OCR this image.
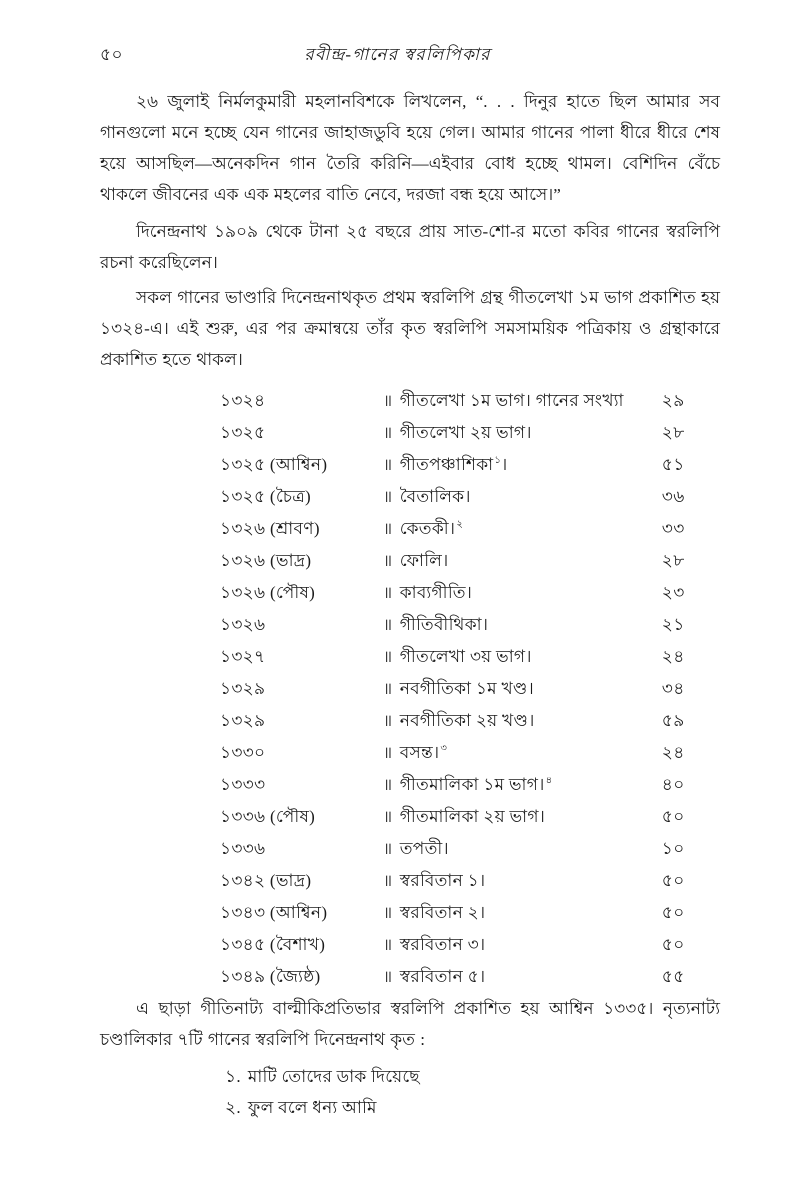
৫০	রবীন্দ্র-গানের স্বরলিপিকার

২৬ জুলাই নির্মলকুমারী মহলানবিশকে লিখলেন, “. . . দিনুর হাতে ছিল আমার সব গানগুলো মনে হচ্ছে যেন গানের জাহাজডুবি হয়ে গেল। আমার গানের পালা ধীরে ধীরে শেষ হয়ে আসছিল—অনেকদিন গান তৈরি করিনি—এইবার বোধ হচ্ছে থামল। বেশিদিন বেঁচে থাকলে জীবনের এক এক মহলের বাতি নেবে, দরজা বন্ধ হয়ে আসে।”

দিনেন্দ্রনাথ ১৯০৯ থেকে টানা ২৫ বছরে প্রায় সাত-শো-র মতো কবির গানের স্বরলিপি রচনা করেছিলেন।

সকল গানের ভাণ্ডারি দিনেন্দ্রনাথকৃত প্রথম স্বরলিপি গ্রন্থ গীতলেখা ১ম ভাগ প্রকাশিত হয় ১৩২৪-এ। এই শুরু, এর পর ক্রমান্বয়ে তাঁর কৃত স্বরলিপি সমসাময়িক পত্রিকায় ও গ্রন্থাকারে প্রকাশিত হতে থাকল।

১৩২৪	॥	গীতলেখা ১ম ভাগ। গানের সংখ্যা	২৯
১৩২৫	॥	গীতলেখা ২য় ভাগ।	২৮
১৩২৫ (আশ্বিন)	॥	গীতপঞ্চাশিকা$^১$।	৫১
১৩২৫ (চৈত্র)	॥	বৈতালিক।	৩৬
১৩২৬ (শ্রাবণ)	॥	কেতকী।$^২$	৩৩
১৩২৬ (ভাদ্র)	॥	ফোলি।	২৮
১৩২৬ (পৌষ)	॥	কাব্যগীতি।	২৩
১৩২৬	॥	গীতিবীথিকা।	২১
১৩২৭	॥	গীতলেখা ৩য় ভাগ।	২৪
১৩২৯	॥	নবগীতিকা ১ম খণ্ড।	৩৪
১৩২৯	॥	নবগীতিকা ২য় খণ্ড।	৫৯
১৩৩০	॥	বসন্ত।$^৩$	২৪
১৩৩৩	॥	গীতমালিকা ১ম ভাগ।$^৪$	৪০
১৩৩৬ (পৌষ)	॥	গীতমালিকা ২য় ভাগ।	৫০
১৩৩৬	॥	তপতী।	১০
১৩৪২ (ভাদ্র)	॥	স্বরবিতান ১।	৫০
১৩৪৩ (আশ্বিন)	॥	স্বরবিতান ২।	৫০
১৩৪৫ (বৈশাখ)	॥	স্বরবিতান ৩।	৫০
১৩৪৯ (জ্যৈষ্ঠ)	॥	স্বরবিতান ৫।	৫৫

এ ছাড়া গীতিনাট্য বাল্মীকিপ্রতিভার স্বরলিপি প্রকাশিত হয় আশ্বিন ১৩৩৫। নৃত্যনাট্য চণ্ডালিকার ৭টি গানের স্বরলিপি দিনেন্দ্রনাথ কৃত :

১. মাটি তোদের ডাক দিয়েছে
২. ফুল বলে ধন্য আমি
